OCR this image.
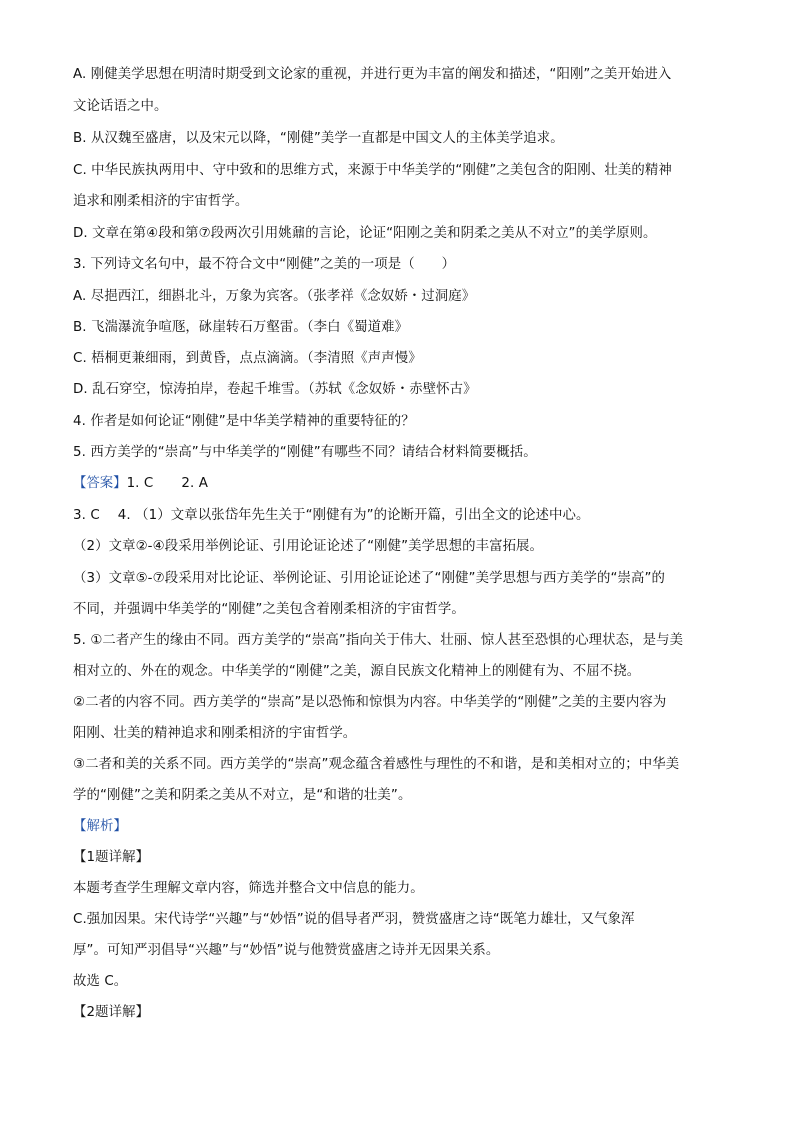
A. 刚健美学思想在明清时期受到文论家的重视，并进行更为丰富的阐发和描述，“阳刚”之美开始进入
文论话语之中。
B. 从汉魏至盛唐，以及宋元以降，“刚健”美学一直都是中国文人的主体美学追求。
C. 中华民族执两用中、守中致和的思维方式，来源于中华美学的“刚健”之美包含的阳刚、壮美的精神
追求和刚柔相济的宇宙哲学。
D. 文章在第④段和第⑦段两次引用姚鼐的言论，论证“阳刚之美和阴柔之美从不对立”的美学原则。
3. 下列诗文名句中，最不符合文中“刚健”之美的一项是（　　）
A. 尽挹西江，细斟北斗，万象为宾客。（张孝祥《念奴娇・过洞庭》
B. 飞湍瀑流争喧豗，砯崖转石万壑雷。（李白《蜀道难》
C. 梧桐更兼细雨，到黄昏，点点滴滴。（李清照《声声慢》
D. 乱石穿空，惊涛拍岸，卷起千堆雪。（苏轼《念奴娇・赤壁怀古》
4. 作者是如何论证“刚健”是中华美学精神的重要特征的？
5. 西方美学的“崇高”与中华美学的“刚健”有哪些不同？请结合材料简要概括。
【答案】1. C 2. A
3. C 4. （1）文章以张岱年先生关于“刚健有为”的论断开篇，引出全文的论述中心。
（2）文章②-④段采用举例论证、引用论证论述了“刚健”美学思想的丰富拓展。
（3）文章⑤-⑦段采用对比论证、举例论证、引用论证论述了“刚健”美学思想与西方美学的“崇高”的
不同，并强调中华美学的“刚健”之美包含着刚柔相济的宇宙哲学。
5. ①二者产生的缘由不同。西方美学的“崇高”指向关于伟大、壮丽、惊人甚至恐惧的心理状态，是与美
相对立的、外在的观念。中华美学的“刚健”之美，源自民族文化精神上的刚健有为、不屈不挠。
②二者的内容不同。西方美学的“崇高”是以恐怖和惊惧为内容。中华美学的“刚健”之美的主要内容为
阳刚、壮美的精神追求和刚柔相济的宇宙哲学。
③二者和美的关系不同。西方美学的“崇高”观念蕴含着感性与理性的不和谐，是和美相对立的；中华美
学的“刚健”之美和阴柔之美从不对立，是“和谐的壮美”。
【解析】
【1题详解】
本题考查学生理解文章内容，筛选并整合文中信息的能力。
C.强加因果。宋代诗学“兴趣”与“妙悟”说的倡导者严羽，赞赏盛唐之诗“既笔力雄壮，又气象浑
厚”。可知严羽倡导“兴趣”与“妙悟”说与他赞赏盛唐之诗并无因果关系。
故选 C。
【2题详解】
